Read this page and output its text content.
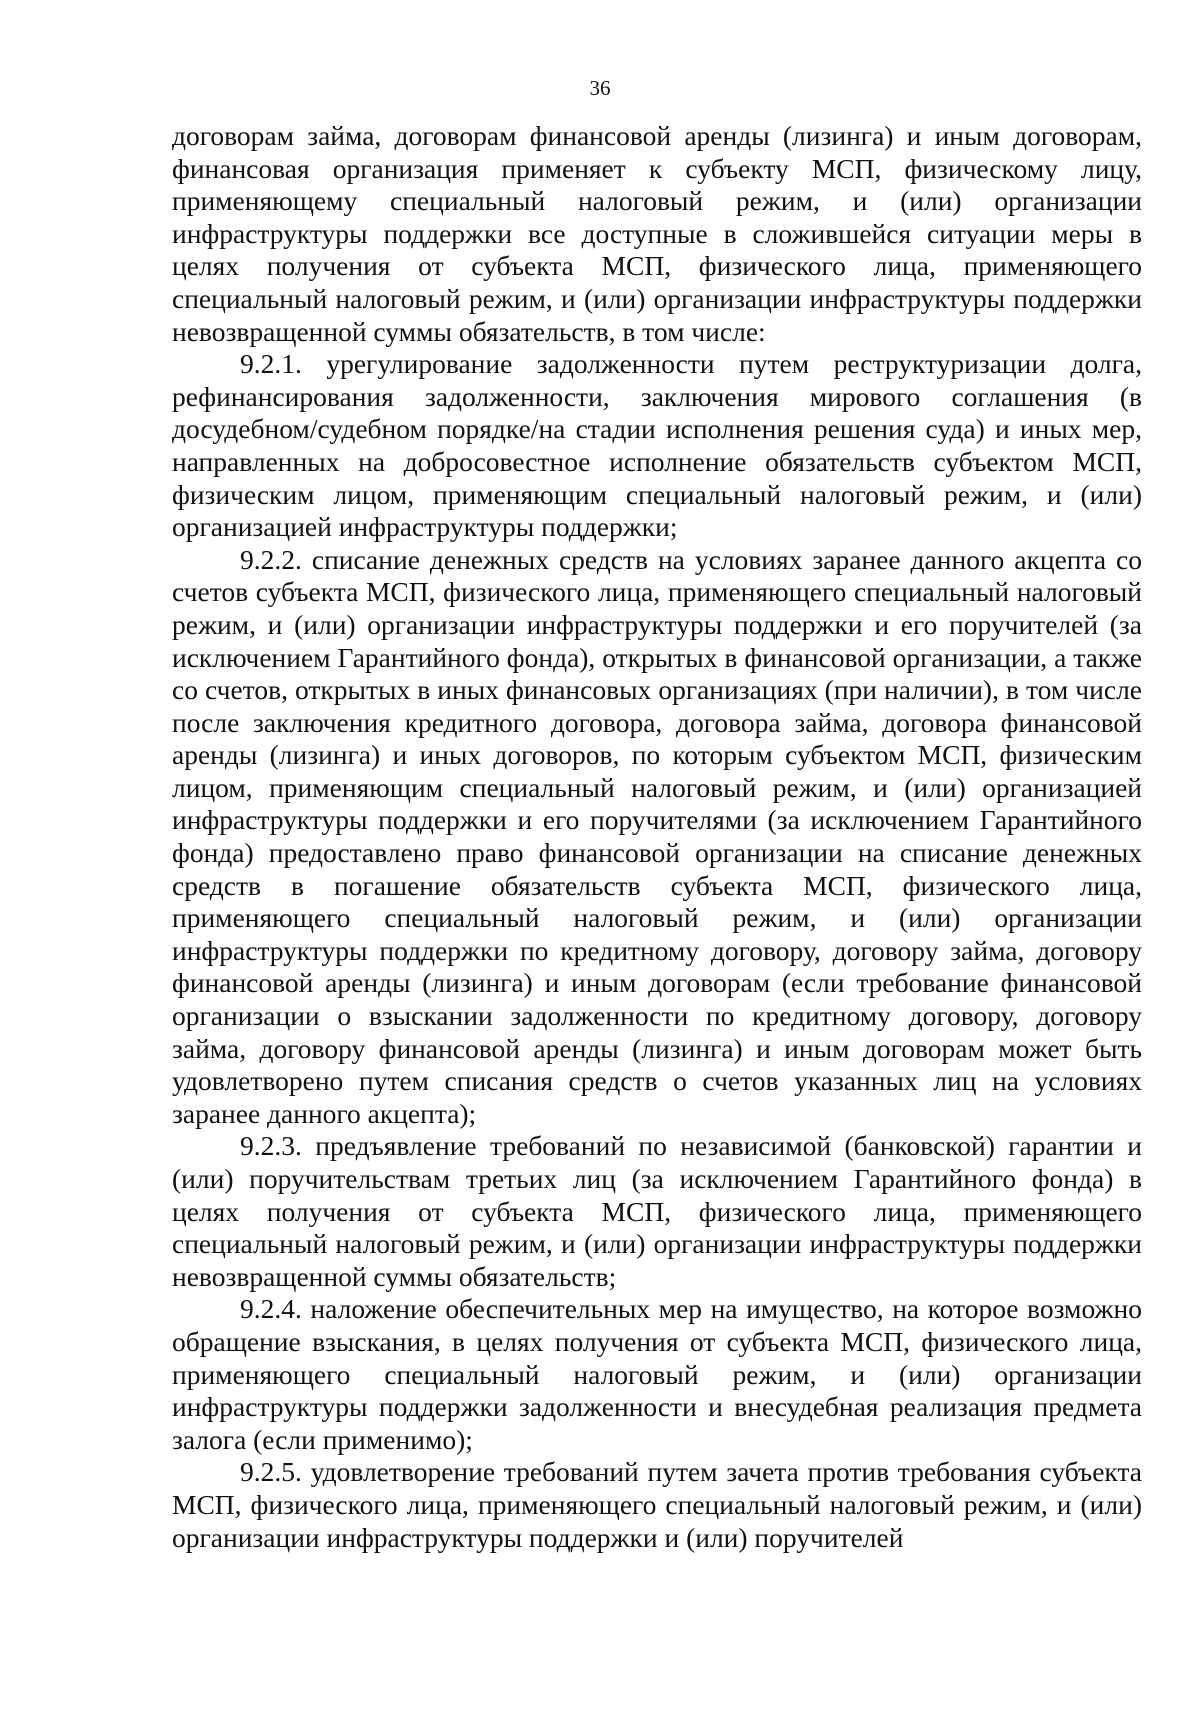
36

договорам займа, договорам финансовой аренды (лизинга) и иным договорам, финансовая организация применяет к субъекту МСП, физическому лицу, применяющему специальный налоговый режим, и (или) организации инфраструктуры поддержки все доступные в сложившейся ситуации меры в целях получения от субъекта МСП, физического лица, применяющего специальный налоговый режим, и (или) организации инфраструктуры поддержки невозвращенной суммы обязательств, в том числе:

9.2.1. урегулирование задолженности путем реструктуризации долга, рефинансирования задолженности, заключения мирового соглашения (в досудебном/судебном порядке/на стадии исполнения решения суда) и иных мер, направленных на добросовестное исполнение обязательств субъектом МСП, физическим лицом, применяющим специальный налоговый режим, и (или) организацией инфраструктуры поддержки;

9.2.2. списание денежных средств на условиях заранее данного акцепта со счетов субъекта МСП, физического лица, применяющего специальный налоговый режим, и (или) организации инфраструктуры поддержки и его поручителей (за исключением Гарантийного фонда), открытых в финансовой организации, а также со счетов, открытых в иных финансовых организациях (при наличии), в том числе после заключения кредитного договора, договора займа, договора финансовой аренды (лизинга) и иных договоров, по которым субъектом МСП, физическим лицом, применяющим специальный налоговый режим, и (или) организацией инфраструктуры поддержки и его поручителями (за исключением Гарантийного фонда) предоставлено право финансовой организации на списание денежных средств в погашение обязательств субъекта МСП, физического лица, применяющего специальный налоговый режим, и (или) организации инфраструктуры поддержки по кредитному договору, договору займа, договору финансовой аренды (лизинга) и иным договорам (если требование финансовой организации о взыскании задолженности по кредитному договору, договору займа, договору финансовой аренды (лизинга) и иным договорам может быть удовлетворено путем списания средств о счетов указанных лиц на условиях заранее данного акцепта);

9.2.3. предъявление требований по независимой (банковской) гарантии и (или) поручительствам третьих лиц (за исключением Гарантийного фонда) в целях получения от субъекта МСП, физического лица, применяющего специальный налоговый режим, и (или) организации инфраструктуры поддержки невозвращенной суммы обязательств;

9.2.4. наложение обеспечительных мер на имущество, на которое возможно обращение взыскания, в целях получения от субъекта МСП, физического лица, применяющего специальный налоговый режим, и (или) организации инфраструктуры поддержки задолженности и внесудебная реализация предмета залога (если применимо);

9.2.5. удовлетворение требований путем зачета против требования субъекта МСП, физического лица, применяющего специальный налоговый режим, и (или) организации инфраструктуры поддержки и (или) поручителей
